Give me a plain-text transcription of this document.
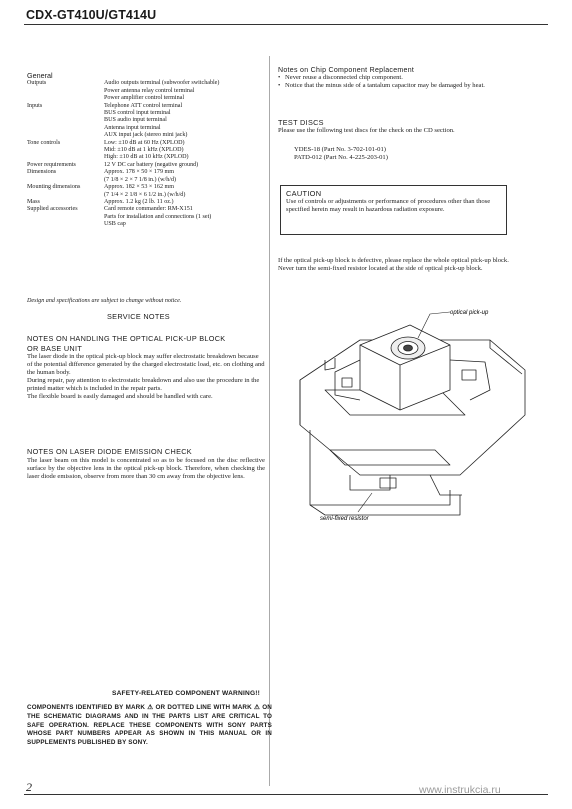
CDX-GT410U/GT414U
General
Outputs	Audio outputs terminal (subwoofer switchable)
Power antenna relay control terminal
Power amplifier control terminal
Inputs	Telephone ATT control terminal
BUS control input terminal
BUS audio input terminal
Antenna input terminal
AUX input jack (stereo mini jack)
Tone controls	Low: ±10 dB at 60 Hz (XPLOD)
Mid: ±10 dB at 1 kHz (XPLOD)
High: ±10 dB at 10 kHz (XPLOD)
Power requirements	12 V DC car battery (negative ground)
Dimensions	Approx. 178 × 50 × 179 mm
(7 1/8 × 2 × 7 1/8 in.) (w/h/d)
Mounting dimensions	Approx. 182 × 53 × 162 mm
(7 1/4 × 2 1/8 × 6 1/2 in.) (w/h/d)
Mass	Approx. 1.2 kg (2 lb. 11 oz.)
Supplied accessories	Card remote commander: RM-X151
Parts for installation and connections (1 set)
USB cap
Design and specifications are subject to change without notice.
SERVICE NOTES
NOTES ON HANDLING THE OPTICAL PICK-UP BLOCK
OR BASE UNIT
The laser diode in the optical pick-up block may suffer electrostatic breakdown because of the potential difference generated by the charged electrostatic load, etc. on clothing and the human body.
During repair, pay attention to electrostatic breakdown and also use the procedure in the printed matter which is included in the repair parts.
The flexible board is easily damaged and should be handled with care.
NOTES ON LASER DIODE EMISSION CHECK
The laser beam on this model is concentrated so as to be focused on the disc reflective surface by the objective lens in the optical pick-up block. Therefore, when checking the laser diode emission, observe from more than 30 cm away from the objective lens.
Notes on Chip Component Replacement
• Never reuse a disconnected chip component.
• Notice that the minus side of a tantalum capacitor may be damaged by heat.
TEST DISCS
Please use the following test discs for the check on the CD section.
YDES-18 (Part No. 3-702-101-01)
PATD-012 (Part No. 4-225-203-01)
CAUTION
Use of controls or adjustments or performance of procedures other than those specified herein may result in hazardous radiation exposure.
If the optical pick-up block is defective, please replace the whole optical pick-up block.
Never turn the semi-fixed resistor located at the side of optical pick-up block.
optical pick-up
semi-fixed resistor
SAFETY-RELATED COMPONENT WARNING!!
COMPONENTS IDENTIFIED BY MARK ⚠ OR DOTTED LINE WITH MARK ⚠ ON THE SCHEMATIC DIAGRAMS AND IN THE PARTS LIST ARE CRITICAL TO SAFE OPERATION. REPLACE THESE COMPONENTS WITH SONY PARTS WHOSE PART NUMBERS APPEAR AS SHOWN IN THIS MANUAL OR IN SUPPLEMENTS PUBLISHED BY SONY.
2	www.instrukcia.ru
